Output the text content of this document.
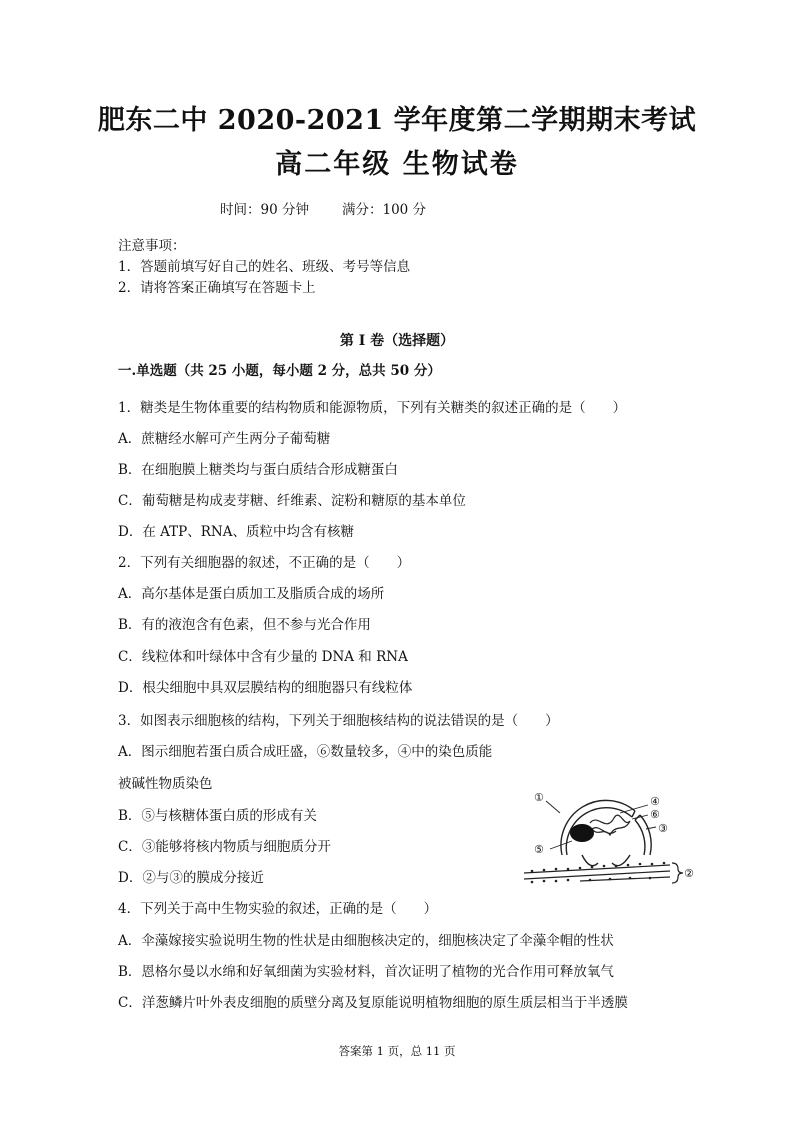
肥东二中 2020-2021 学年度第二学期期末考试
高二年级 生物试卷
时间：90 分钟 满分：100 分
注意事项：
1．答题前填写好自己的姓名、班级、考号等信息
2．请将答案正确填写在答题卡上
第 I 卷（选择题）
一.单选题（共 25 小题，每小题 2 分，总共 50 分）
1．糖类是生物体重要的结构物质和能源物质，下列有关糖类的叙述正确的是（　　）
A．蔗糖经水解可产生两分子葡萄糖
B．在细胞膜上糖类均与蛋白质结合形成糖蛋白
C．葡萄糖是构成麦芽糖、纤维素、淀粉和糖原的基本单位
D．在 ATP、RNA、质粒中均含有核糖
2．下列有关细胞器的叙述，不正确的是（　　）
A．高尔基体是蛋白质加工及脂质合成的场所
B．有的液泡含有色素，但不参与光合作用
C．线粒体和叶绿体中含有少量的 DNA 和 RNA
D．根尖细胞中具双层膜结构的细胞器只有线粒体
3．如图表示细胞核的结构，下列关于细胞核结构的说法错误的是（　　）
A．图示细胞若蛋白质合成旺盛，⑥数量较多，④中的染色质能
被碱性物质染色
B．⑤与核糖体蛋白质的形成有关
C．③能够将核内物质与细胞质分开
D．②与③的膜成分接近
4．下列关于高中生物实验的叙述，正确的是（　　）
A．伞藻嫁接实验说明生物的性状是由细胞核决定的，细胞核决定了伞藻伞帽的性状
B．恩格尔曼以水绵和好氧细菌为实验材料，首次证明了植物的光合作用可释放氧气
C．洋葱鳞片叶外表皮细胞的质壁分离及复原能说明植物细胞的原生质层相当于半透膜
①
⑤
④
⑥
③
②
答案第 1 页，总 11 页
